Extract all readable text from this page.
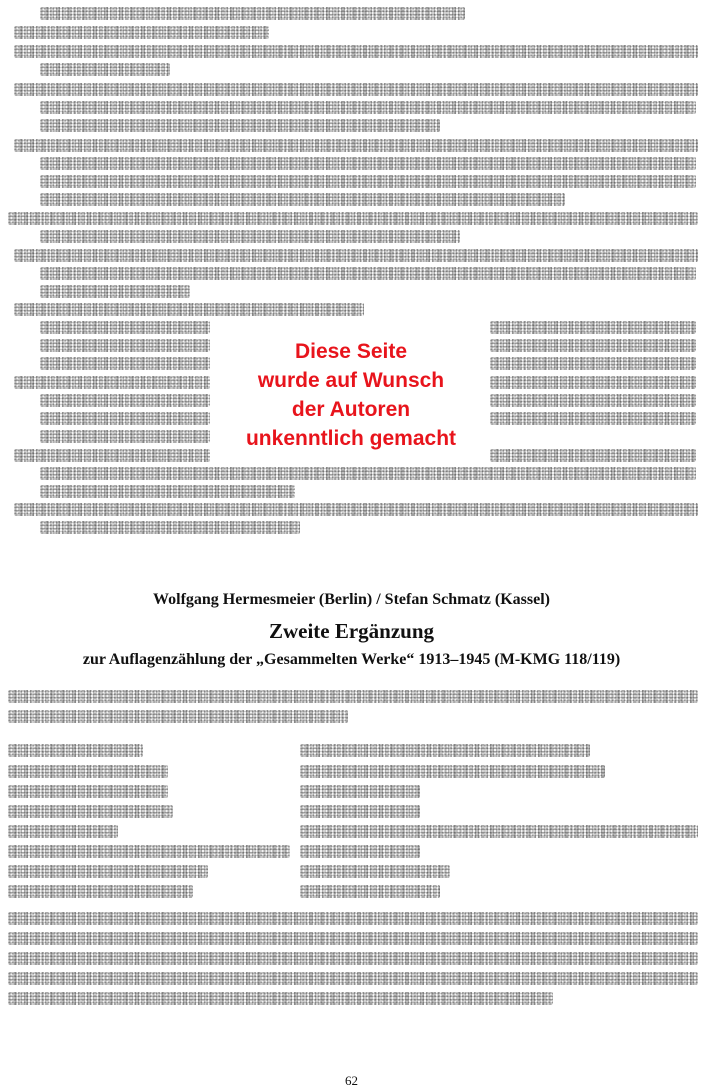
Diese Seite
wurde auf Wunsch
der Autoren
unkenntlich gemacht
Wolfgang Hermesmeier (Berlin) / Stefan Schmatz (Kassel)
Zweite Ergänzung
zur Auflagenzählung der „Gesammelten Werke“ 1913–1945 (M-KMG 118/119)
62
